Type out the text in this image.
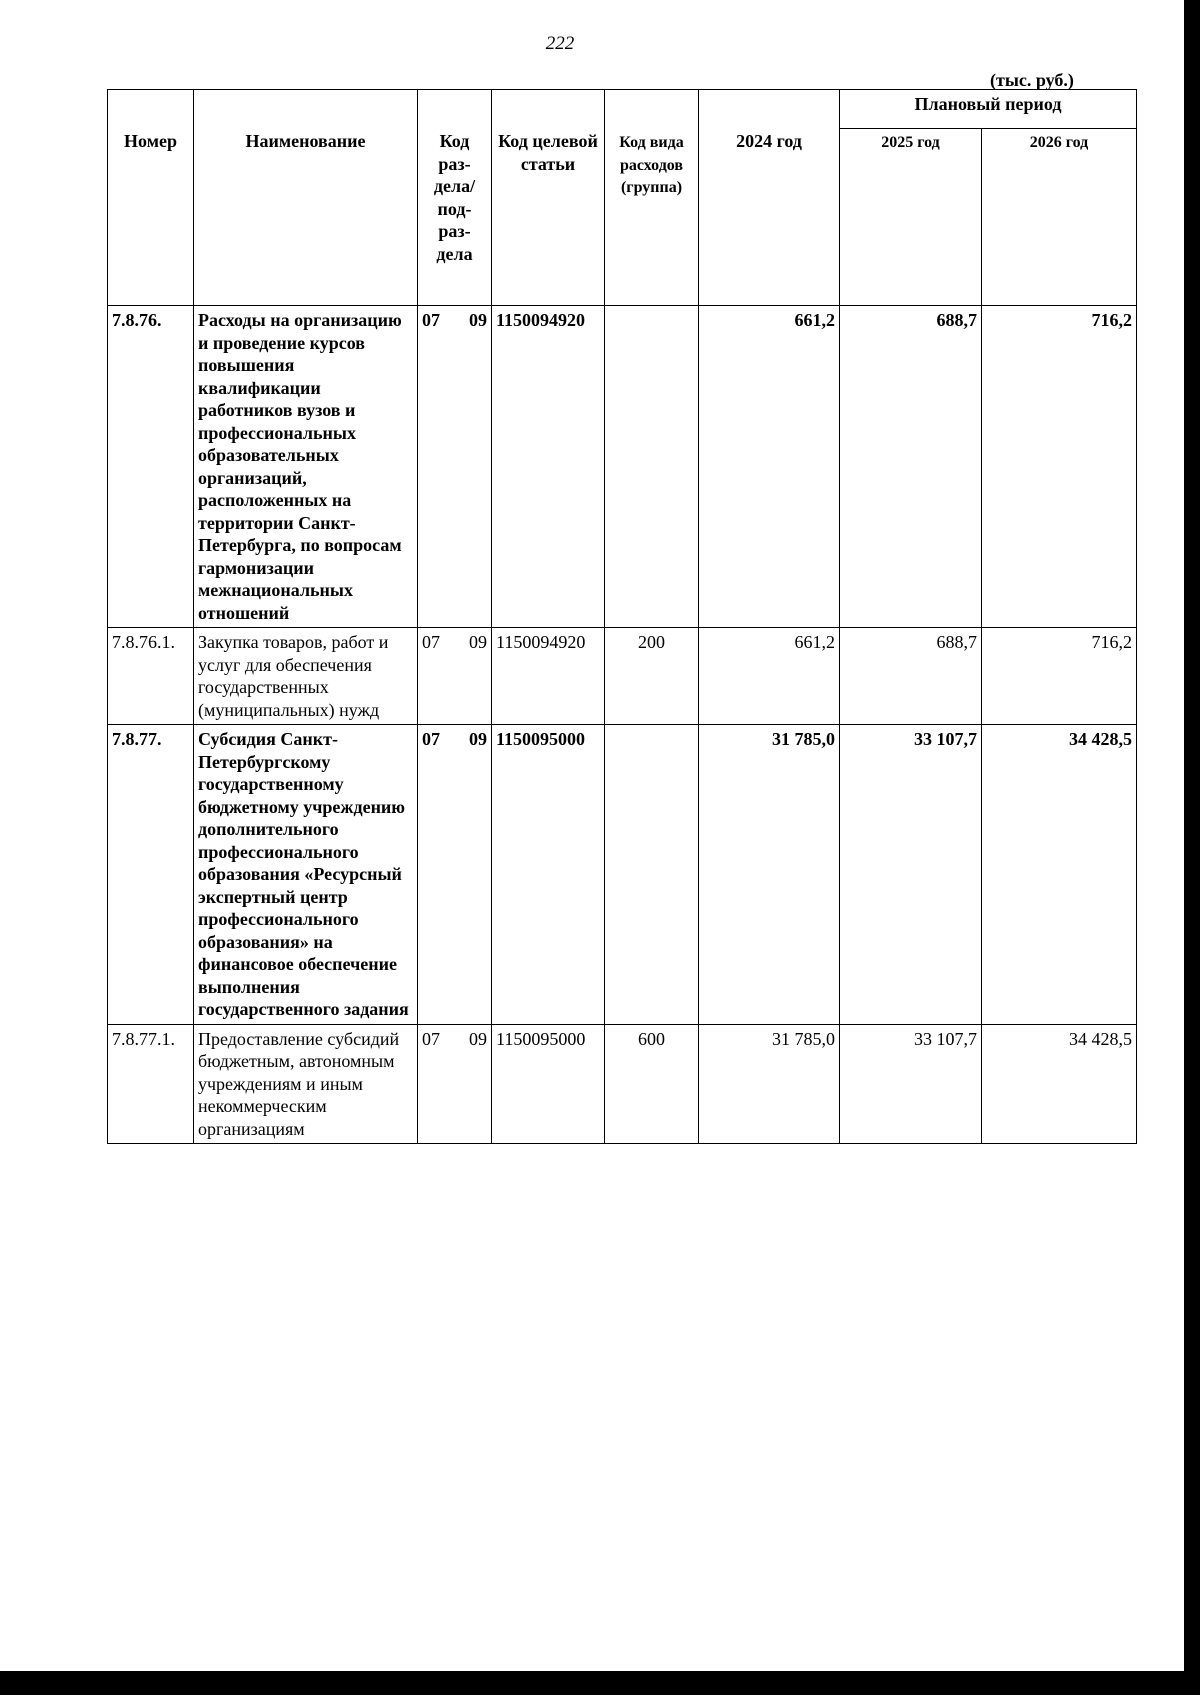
222
(тыс. руб.)
Номер	Наименование	Код раз-дела/ под-раз-дела	Код целевой статьи	Код вида расходов (группа)	2024 год	Плановый период	
						2025 год	2026 год
7.8.76.	Расходы на организацию и проведение курсов повышения квалификации работников вузов и профессиональных образовательных организаций, расположенных на территории Санкт-Петербурга, по вопросам гармонизации межнациональных отношений	07 09	1150094920		661,2	688,7	716,2
7.8.76.1.	Закупка товаров, работ и услуг для обеспечения государственных (муниципальных) нужд	07 09	1150094920	200	661,2	688,7	716,2
7.8.77.	Субсидия Санкт-Петербургскому государственному бюджетному учреждению дополнительного профессионального образования «Ресурсный экспертный центр профессионального образования» на финансовое обеспечение выполнения государственного задания	07 09	1150095000		31 785,0	33 107,7	34 428,5
7.8.77.1.	Предоставление субсидий бюджетным, автономным учреждениям и иным некоммерческим организациям	07 09	1150095000	600	31 785,0	33 107,7	34 428,5
